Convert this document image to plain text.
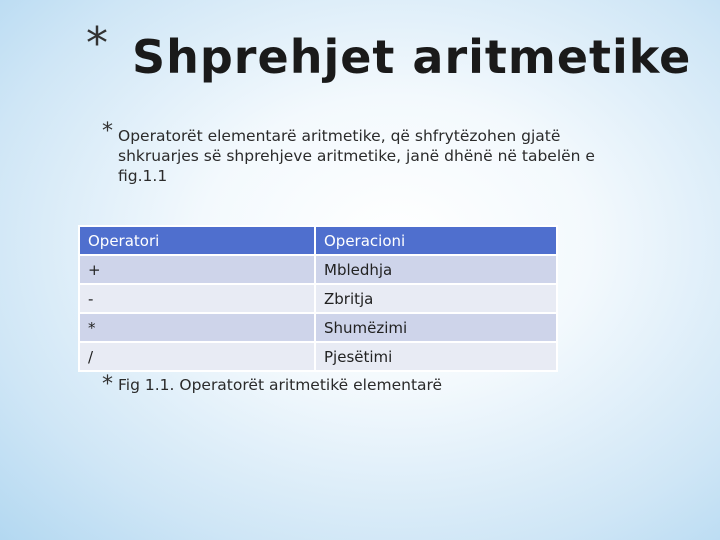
* Shprehjet aritmetike
* Operatorët elementarë aritmetike, që shfrytëzohen gjatë shkruarjes së shprehjeve aritmetike, janë dhënë në tabelën e fig.1.1
Operatori	Operacioni
+	Mbledhja
-	Zbritja
*	Shumëzimi
/	Pjesëtimi
* Fig 1.1. Operatorët aritmetikë elementarë
